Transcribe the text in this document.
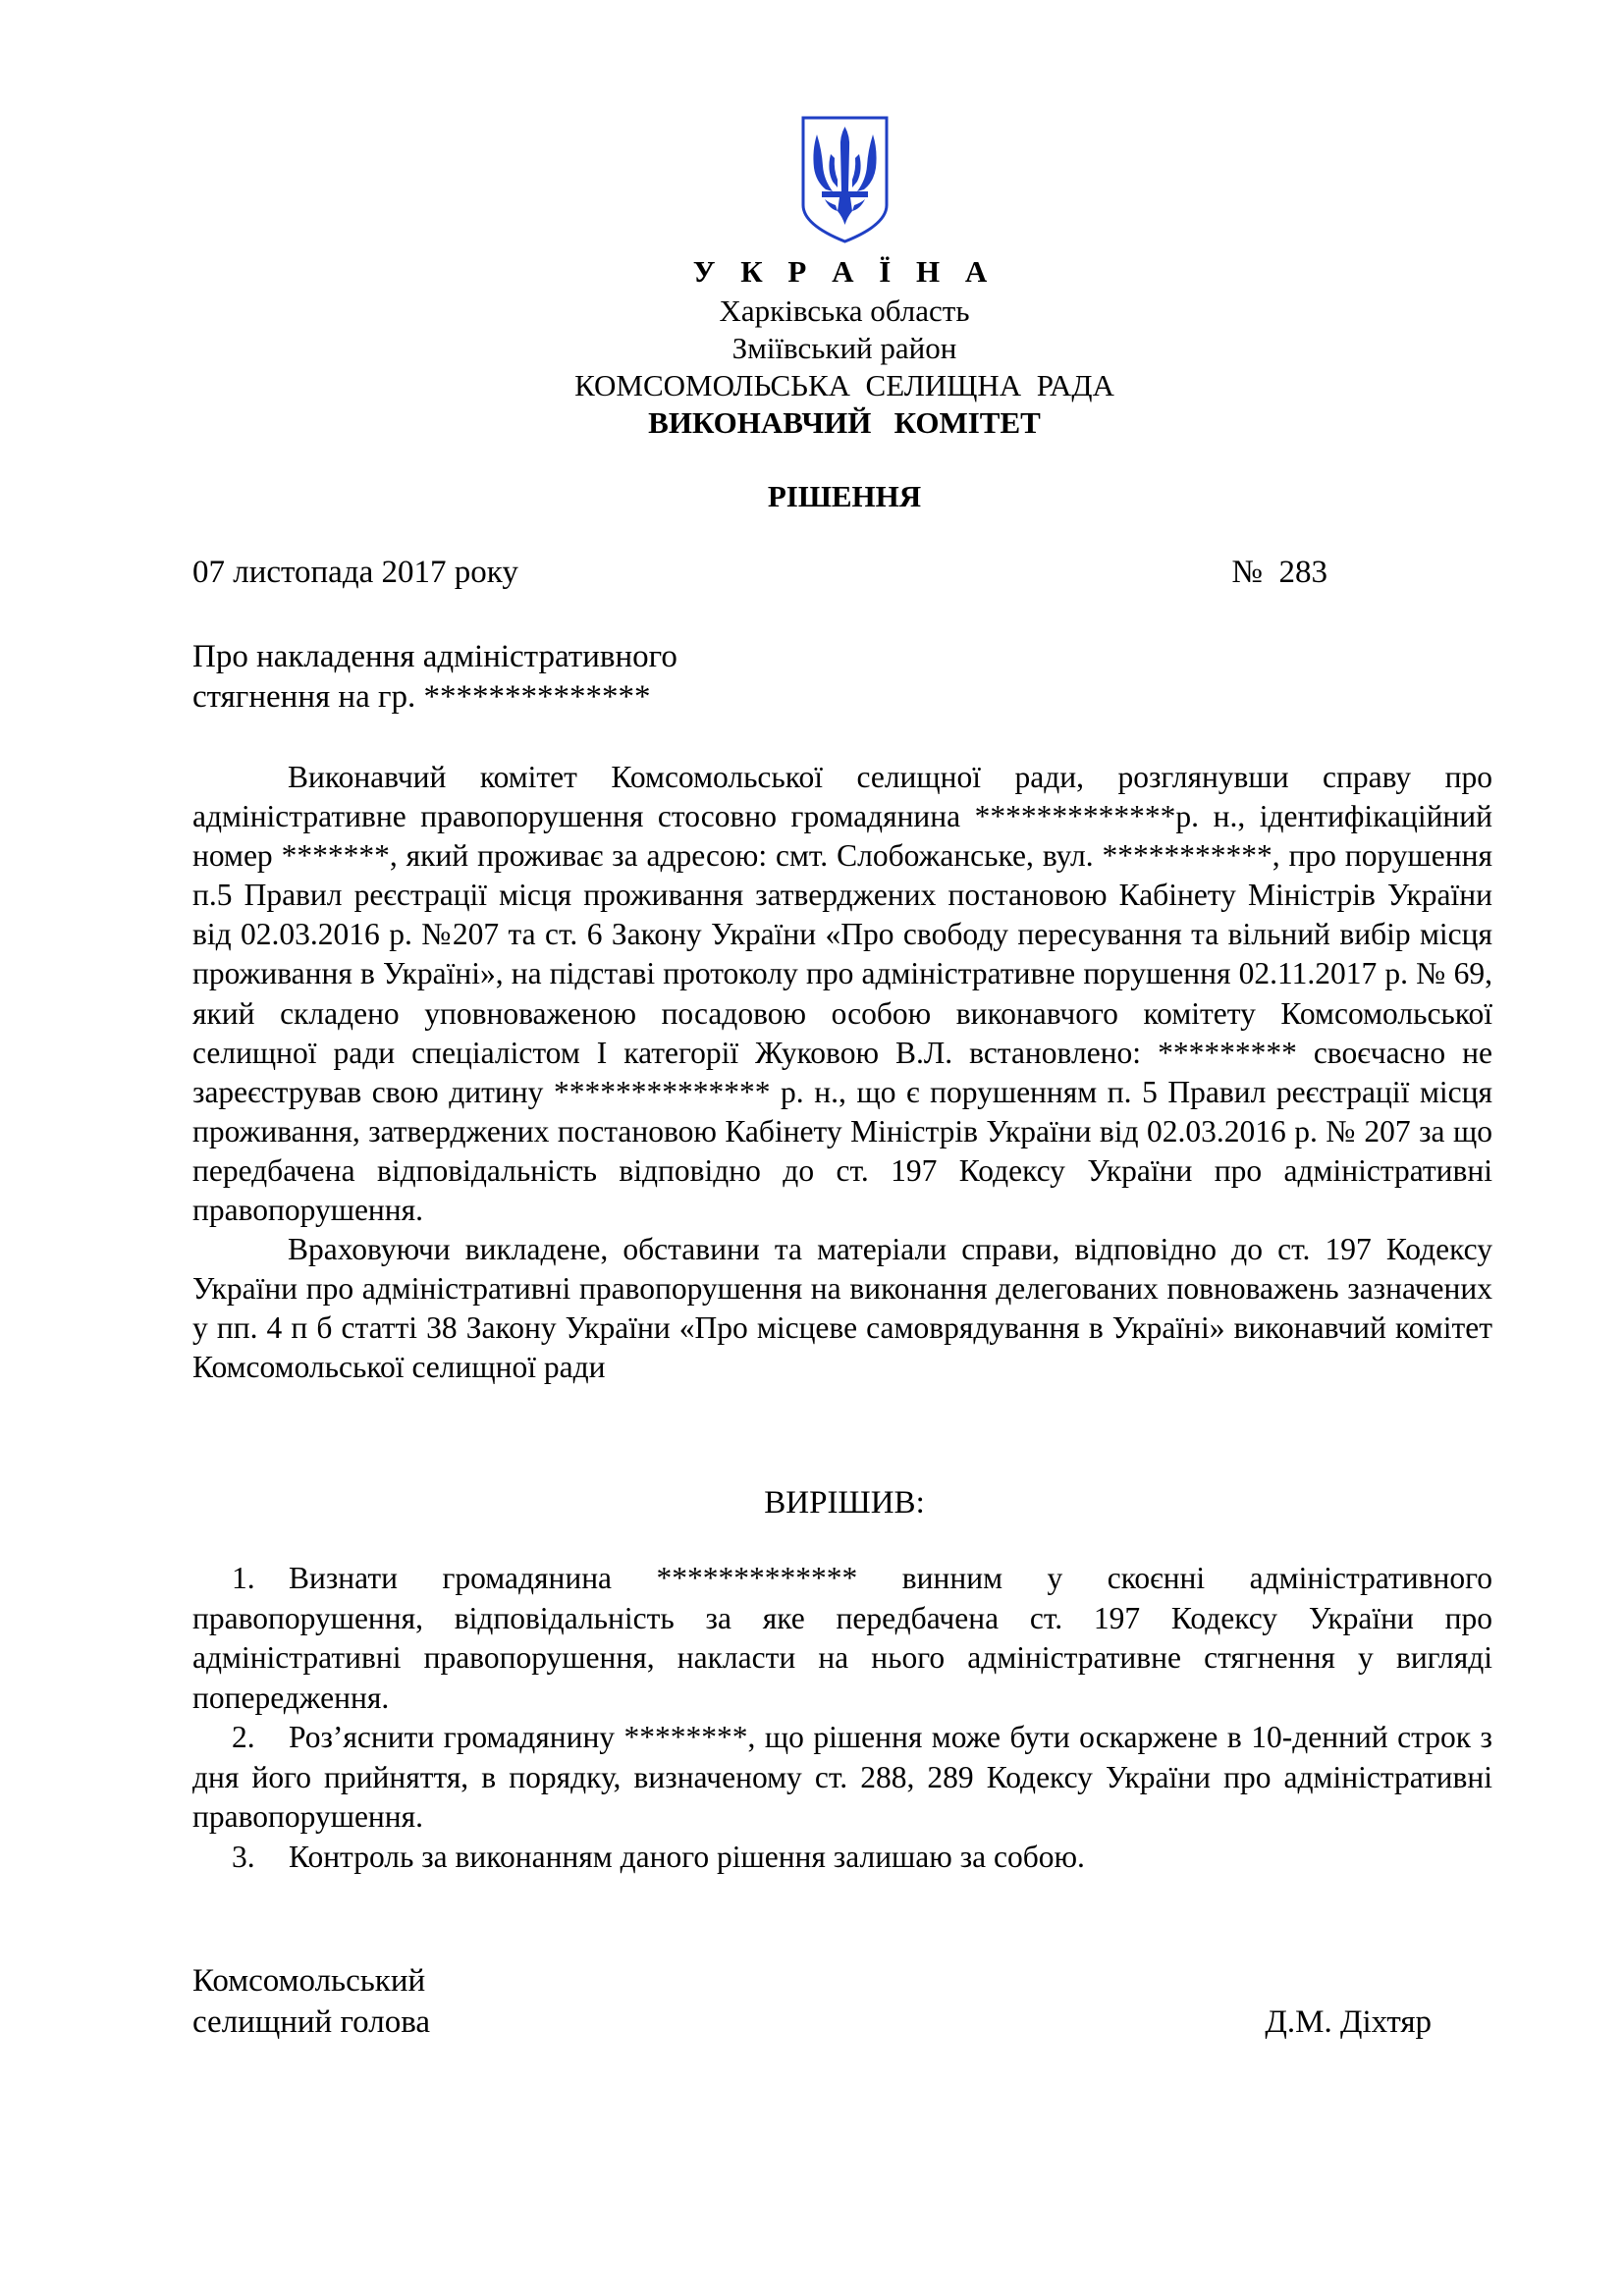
У К Р А Ї Н А
Харківська область
Зміївський район
КОМСОМОЛЬСЬКА  СЕЛИЩНА  РАДА
ВИКОНАВЧИЙ   КОМІТЕТ
РІШЕННЯ
07 листопада 2017 року	№  283
Про накладення адміністративного
стягнення на гр. **************

Виконавчий комітет Комсомольської селищної ради, розглянувши справу про адміністративне правопорушення стосовно громадянина *************р. н., ідентифікаційний номер *******, який проживає за адресою: смт. Слобожанське, вул. ***********, про порушення п.5 Правил реєстрації місця проживання затверджених постановою Кабінету Міністрів України від 02.03.2016 р. №207 та ст. 6 Закону України «Про свободу пересування та вільний вибір місця проживання в Україні», на підставі протоколу про адміністративне порушення 02.11.2017 р. № 69, який складено уповноваженою посадовою особою виконавчого комітету Комсомольської селищної ради спеціалістом І категорії Жуковою В.Л. встановлено: ********* своєчасно не зареєстрував свою дитину ************** р. н., що є порушенням п. 5 Правил реєстрації місця проживання, затверджених постановою Кабінету Міністрів України від 02.03.2016 р. № 207 за що передбачена відповідальність відповідно до ст. 197 Кодексу України про адміністративні правопорушення.

Враховуючи викладене, обставини та матеріали справи, відповідно до ст. 197 Кодексу України про адміністративні правопорушення на виконання делегованих повноважень зазначених у пп. 4 п б статті 38 Закону України «Про місцеве самоврядування в Україні» виконавчий комітет Комсомольської селищної ради

ВИРІШИВ:

1. Визнати громадянина ************* винним у скоєнні адміністративного правопорушення, відповідальність за яке передбачена ст. 197 Кодексу України про адміністративні правопорушення, накласти на нього адміністративне стягнення у вигляді попередження.

2. Роз’яснити громадянину ********, що рішення може бути оскаржене в 10-денний строк з дня його прийняття, в порядку, визначеному ст. 288, 289 Кодексу України про адміністративні правопорушення.

3. Контроль за виконанням даного рішення залишаю за собою.

Комсомольський
селищний голова	Д.М. Діхтяр
